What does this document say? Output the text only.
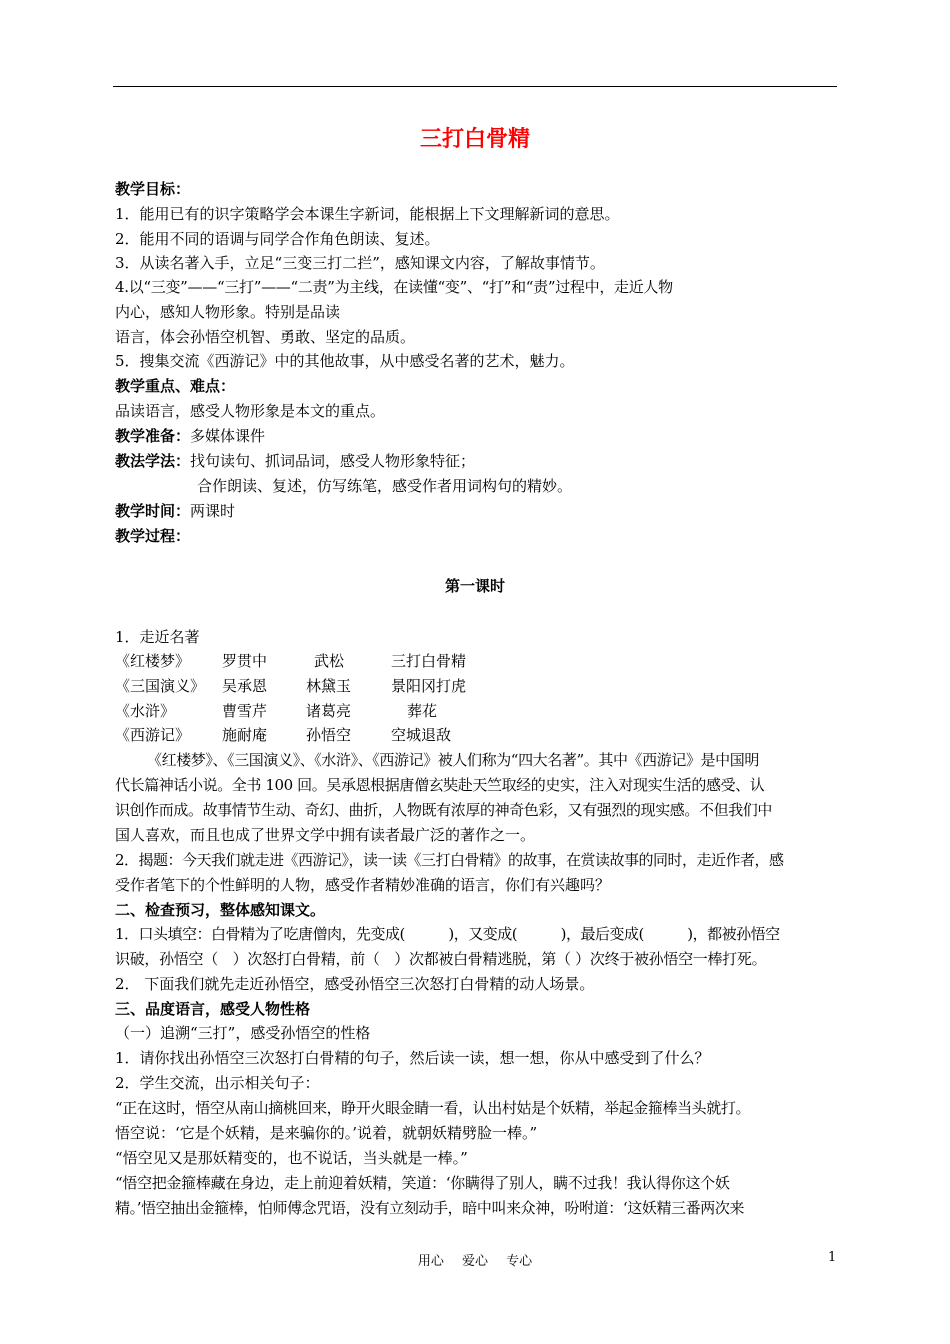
三打白骨精
教学目标：
1．能用已有的识字策略学会本课生字新词，能根据上下文理解新词的意思。
2．能用不同的语调与同学合作角色朗读、复述。
3．从读名著入手，立足“三变三打二拦”，感知课文内容，了解故事情节。
4.以“三变”——“三打”——“二责”为主线，在读懂“变”、“打”和“责”过程中，走近人物
内心，感知人物形象。特别是品读
语言，体会孙悟空机智、勇敢、坚定的品质。
5．搜集交流《西游记》中的其他故事，从中感受名著的艺术，魅力。
教学重点、难点：
品读语言，感受人物形象是本文的重点。
教学准备：多媒体课件
教法学法：找句读句、抓词品词，感受人物形象特征；
合作朗读、复述，仿写练笔，感受作者用词构句的精妙。
教学时间：两课时
教学过程：
第一课时
1．走近名著
《红楼梦》 罗贯中	武松	三打白骨精
《三国演义》 吴承恩	林黛玉	景阳冈打虎
《水浒》	曹雪芹	诸葛亮	葬花
《西游记》 施耐庵	孙悟空	空城退敌
《红楼梦》、《三国演义》、《水浒》、《西游记》被人们称为“四大名著”。其中《西游记》是中国明
代长篇神话小说。全书 100 回。吴承恩根据唐僧玄奘赴天竺取经的史实，注入对现实生活的感受、认
识创作而成。故事情节生动、奇幻、曲折，人物既有浓厚的神奇色彩，又有强烈的现实感。不但我们中
国人喜欢，而且也成了世界文学中拥有读者最广泛的著作之一。
2．揭题：今天我们就走进《西游记》，读一读《三打白骨精》的故事，在赏读故事的同时，走近作者，感
受作者笔下的个性鲜明的人物，感受作者精妙准确的语言，你们有兴趣吗？
二、检查预习，整体感知课文。
1．口头填空：白骨精为了吃唐僧肉，先变成(　　　)，又变成(　　　)，最后变成(　　　)，都被孙悟空
识破，孙悟空（　）次怒打白骨精，前（　）次都被白骨精逃脱，第（ ）次终于被孙悟空一棒打死。
2． 下面我们就先走近孙悟空，感受孙悟空三次怒打白骨精的动人场景。
三、品度语言，感受人物性格
（一）追溯“三打”，感受孙悟空的性格
1．请你找出孙悟空三次怒打白骨精的句子，然后读一读，想一想，你从中感受到了什么？
2．学生交流，出示相关句子：
“正在这时，悟空从南山摘桃回来，睁开火眼金睛一看，认出村姑是个妖精，举起金箍棒当头就打。
悟空说：‘它是个妖精，是来骗你的。’说着，就朝妖精劈脸一棒。”
“悟空见又是那妖精变的，也不说话，当头就是一棒。”
“悟空把金箍棒藏在身边，走上前迎着妖精，笑道：‘你瞒得了别人，瞒不过我！我认得你这个妖
精。’悟空抽出金箍棒，怕师傅念咒语，没有立刻动手，暗中叫来众神，吩咐道：‘这妖精三番两次来
用心 爱心 专心	1
